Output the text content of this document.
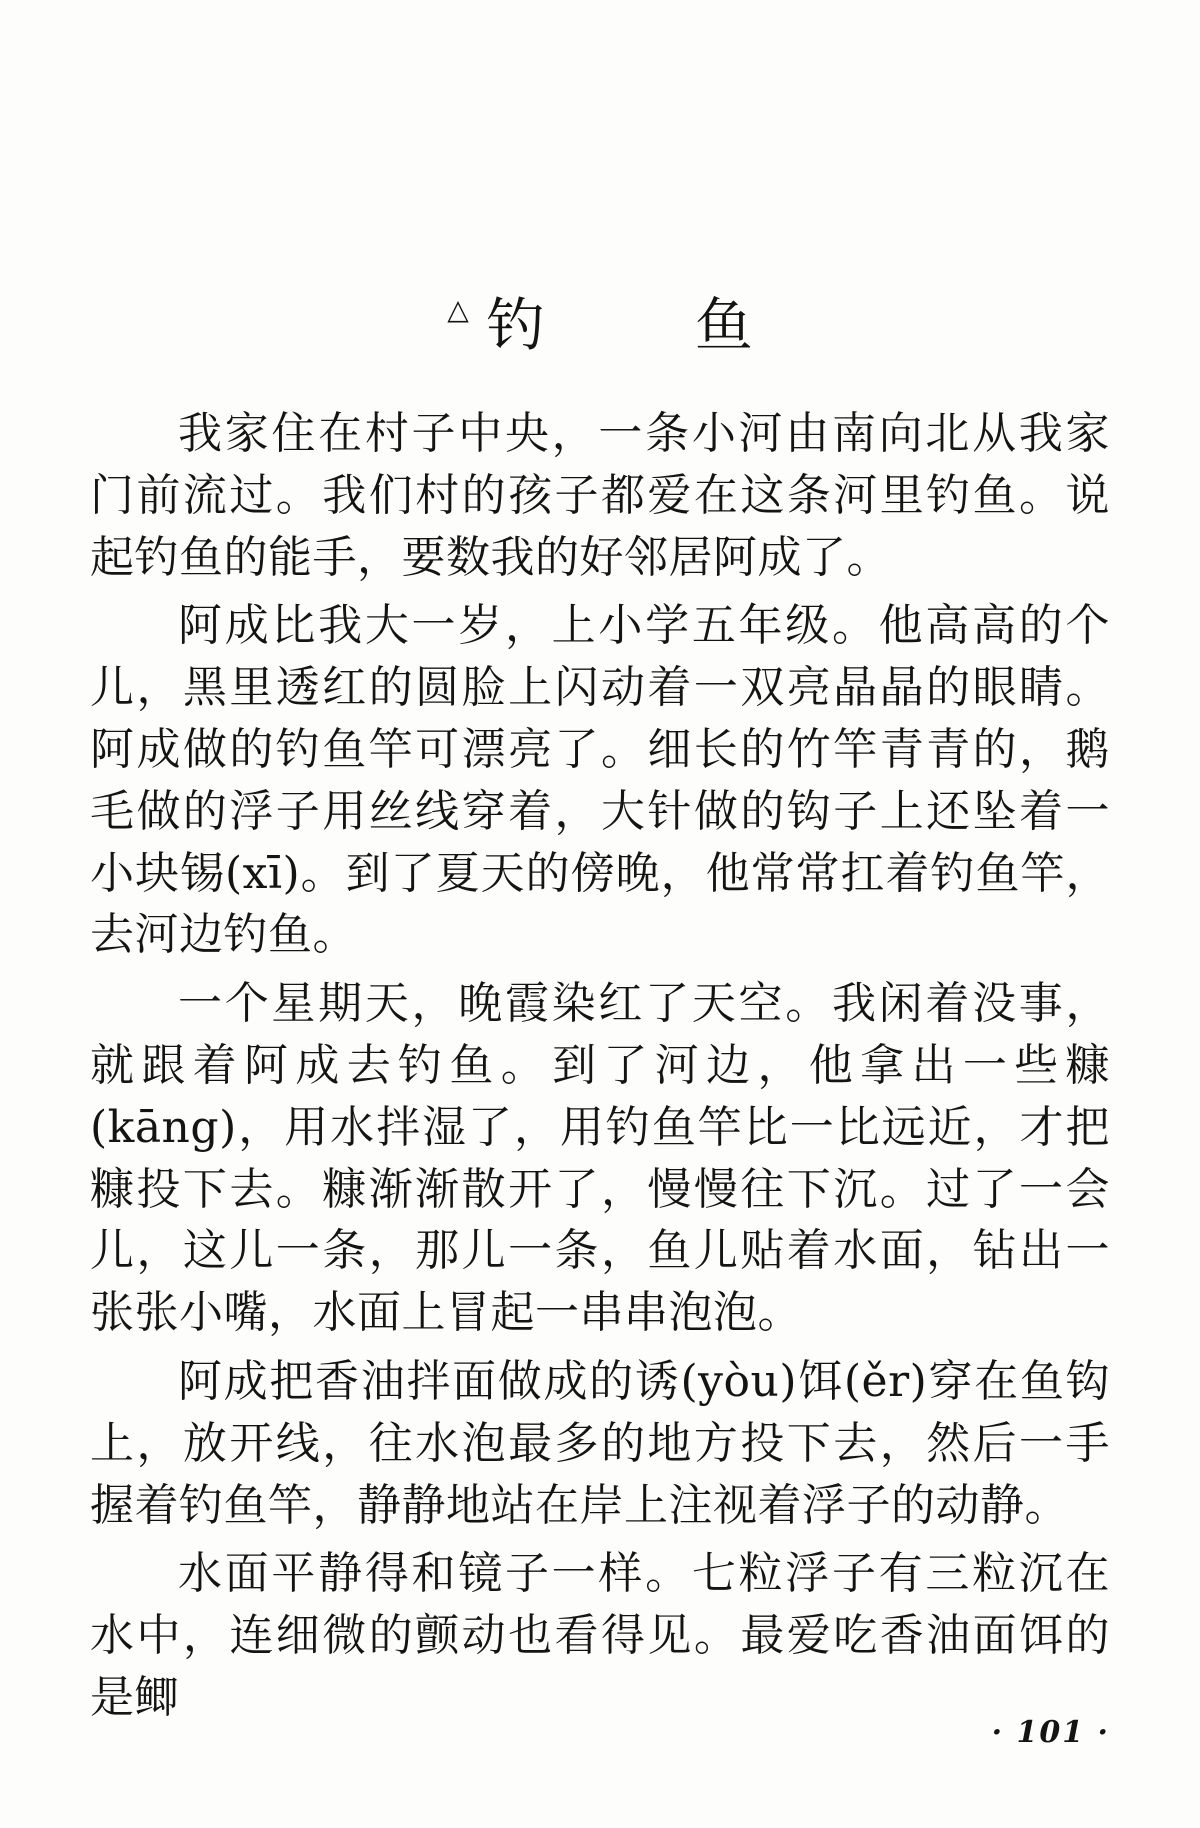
△ 钓	鱼

我家住在村子中央，一条小河由南向北从我家门前流过。我们村的孩子都爱在这条河里钓鱼。说起钓鱼的能手，要数我的好邻居阿成了。

阿成比我大一岁，上小学五年级。他高高的个儿，黑里透红的圆脸上闪动着一双亮晶晶的眼睛。阿成做的钓鱼竿可漂亮了。细长的竹竿青青的，鹅毛做的浮子用丝线穿着，大针做的钩子上还坠着一小块锡(xī)。到了夏天的傍晚，他常常扛着钓鱼竿，去河边钓鱼。

一个星期天，晚霞染红了天空。我闲着没事，就跟着阿成去钓鱼。到了河边，他拿出一些糠(kāng)，用水拌湿了，用钓鱼竿比一比远近，才把糠投下去。糠渐渐散开了，慢慢往下沉。过了一会儿，这儿一条，那儿一条，鱼儿贴着水面，钻出一张张小嘴，水面上冒起一串串泡泡。

阿成把香油拌面做成的诱(yòu)饵(ěr)穿在鱼钩上，放开线，往水泡最多的地方投下去，然后一手握着钓鱼竿，静静地站在岸上注视着浮子的动静。

水面平静得和镜子一样。七粒浮子有三粒沉在水中，连细微的颤动也看得见。最爱吃香油面饵的是鲫

· 101 ·
